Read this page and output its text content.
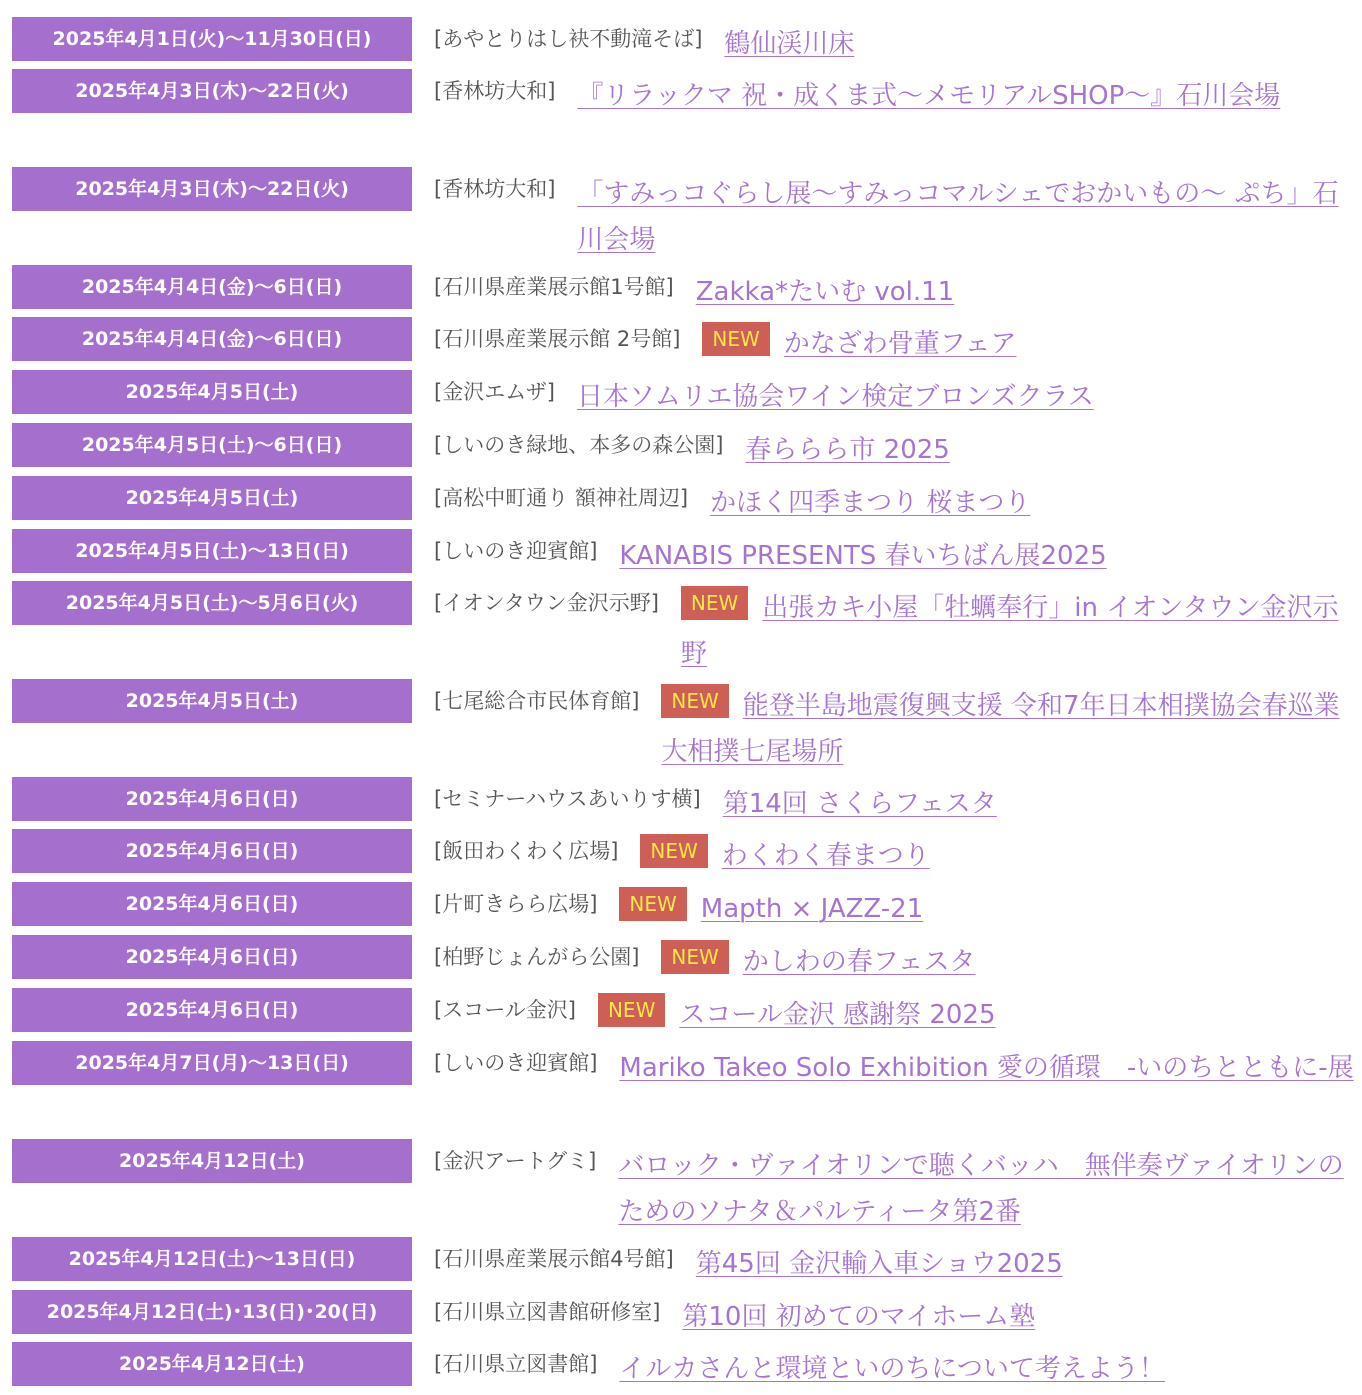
2025年4月1日(火)～11月30日(日)	[あやとりはし袂不動滝そば] 鶴仙渓川床
2025年4月3日(木)～22日(火)	[香林坊大和] 『リラックマ 祝・成くま式～メモリアルSHOP～』石川会場
2025年4月3日(木)～22日(火)	[香林坊大和] 「すみっコぐらし展～すみっコマルシェでおかいもの～ ぷち」石川会場
2025年4月4日(金)～6日(日)	[石川県産業展示館1号館] Zakka*たいむ vol.11
2025年4月4日(金)～6日(日)	[石川県産業展示館 2号館]	NEW かなざわ骨董フェア
2025年4月5日(土)	[金沢エムザ] 日本ソムリエ協会ワイン検定ブロンズクラス
2025年4月5日(土)～6日(日)	[しいのき緑地、本多の森公園] 春ららら市 2025
2025年4月5日(土)	[高松中町通り 額神社周辺] かほく四季まつり 桜まつり
2025年4月5日(土)～13日(日)	[しいのき迎賓館] KANABIS PRESENTS 春いちばん展2025
2025年4月5日(土)～5月6日(火)	[イオンタウン金沢示野]	NEW 出張カキ小屋「牡蠣奉行」in イオンタウン金沢示野
2025年4月5日(土)	[七尾総合市民体育館]	NEW 能登半島地震復興支援 令和7年日本相撲協会春巡業 大相撲七尾場所
2025年4月6日(日)	[セミナーハウスあいりす横] 第14回 さくらフェスタ
2025年4月6日(日)	[飯田わくわく広場]	NEW わくわく春まつり
2025年4月6日(日)	[片町きらら広場]	NEW Mapth × JAZZ-21
2025年4月6日(日)	[柏野じょんがら公園]	NEW かしわの春フェスタ
2025年4月6日(日)	[スコール金沢]	NEW スコール金沢 感謝祭 2025
2025年4月7日(月)～13日(日)	[しいのき迎賓館] Mariko Takeo Solo Exhibition 愛の循環　-いのちとともに-展
2025年4月12日(土)	[金沢アートグミ] バロック・ヴァイオリンで聴くバッハ　無伴奏ヴァイオリンのためのソナタ＆パルティータ第2番
2025年4月12日(土)～13日(日)	[石川県産業展示館4号館] 第45回 金沢輸入車ショウ2025
2025年4月12日(土)･13(日)･20(日)	[石川県立図書館研修室] 第10回 初めてのマイホーム塾
2025年4月12日(土)	[石川県立図書館] イルカさんと環境といのちについて考えよう！
